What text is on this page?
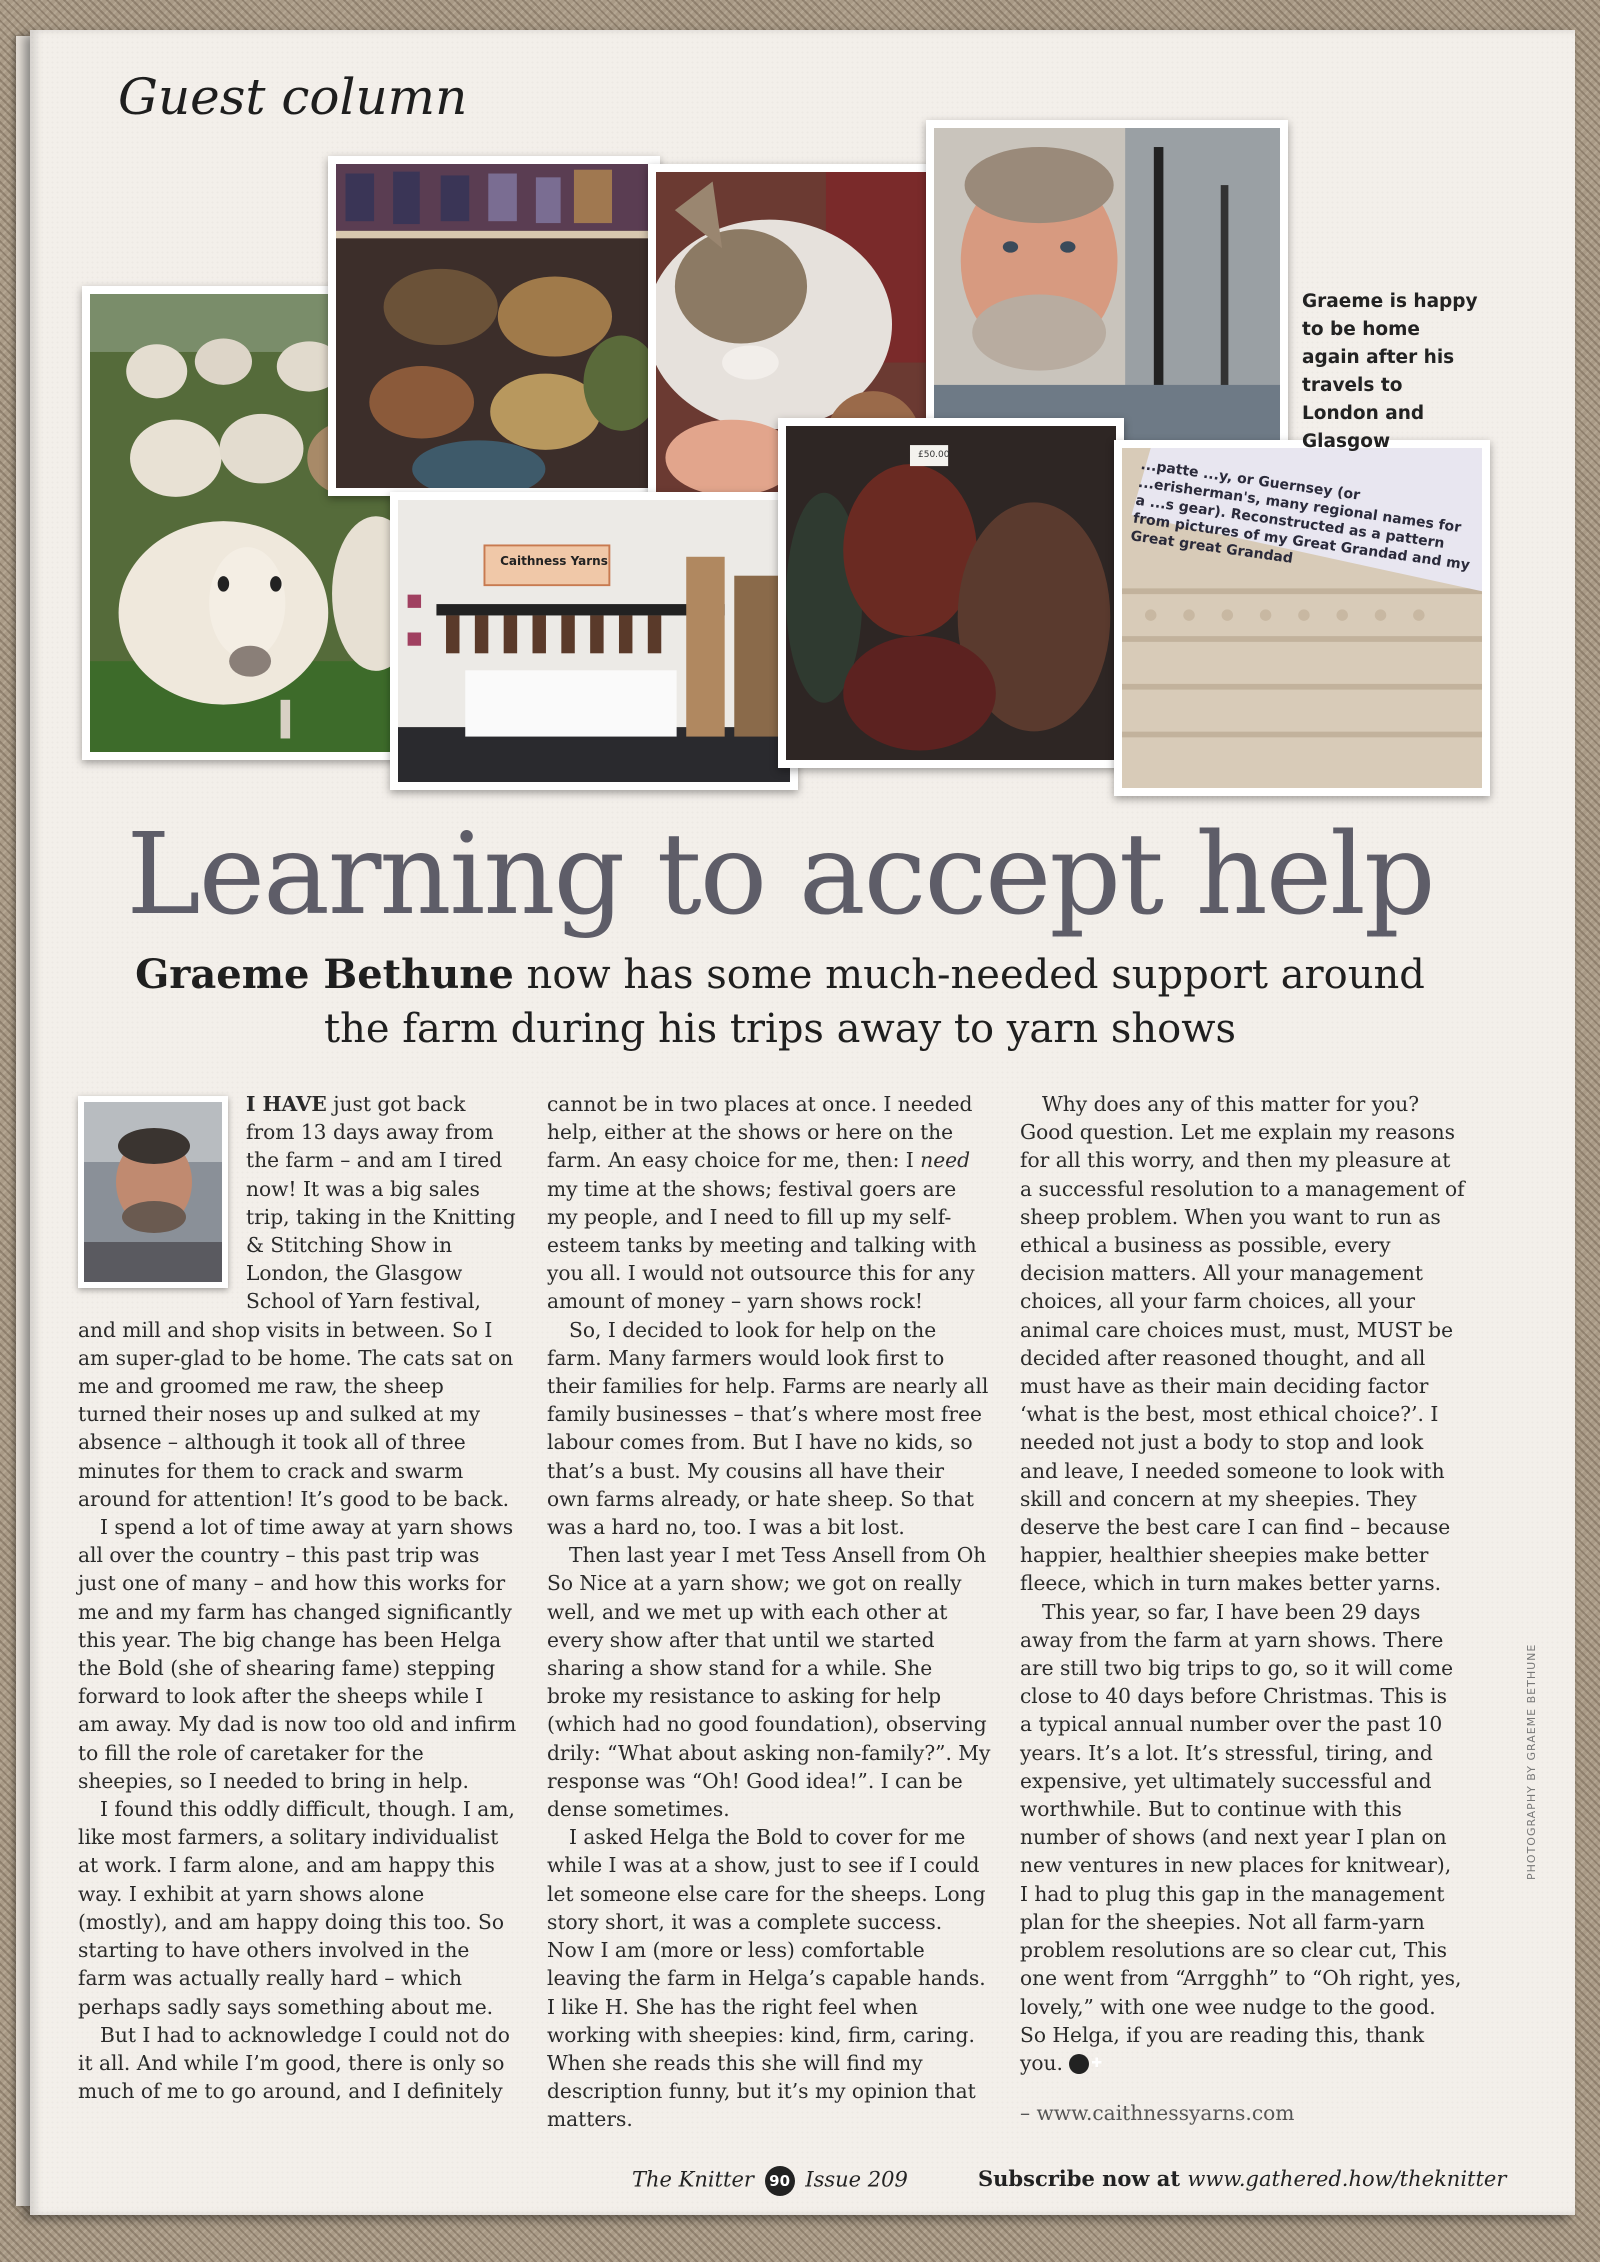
Guest column
Caithness Yarns
£50.00
...patte ...y, or Guernsey (or ...erisherman's, many regional names for a ...s gear). Reconstructed as a pattern from pictures of my Great Grandad and my Great great Grandad
Graeme is happy to be home again after his travels to London and Glasgow
Learning to accept help
Graeme Bethune now has some much-needed support around the farm during his trips away to yarn shows

I HAVE just got back from 13 days away from the farm – and am I tired now! It was a big sales trip, taking in the Knitting & Stitching Show in London, the Glasgow School of Yarn festival, and mill and shop visits in between. So I am super-glad to be home. The cats sat on me and groomed me raw, the sheep turned their noses up and sulked at my absence – although it took all of three minutes for them to crack and swarm around for attention! It’s good to be back.

I spend a lot of time away at yarn shows all over the country – this past trip was just one of many – and how this works for me and my farm has changed significantly this year. The big change has been Helga the Bold (she of shearing fame) stepping forward to look after the sheeps while I am away. My dad is now too old and infirm to fill the role of caretaker for the sheepies, so I needed to bring in help.

I found this oddly difficult, though. I am, like most farmers, a solitary individualist at work. I farm alone, and am happy this way. I exhibit at yarn shows alone (mostly), and am happy doing this too. So starting to have others involved in the farm was actually really hard – which perhaps sadly says something about me.

But I had to acknowledge I could not do it all. And while I’m good, there is only so much of me to go around, and I definitely

cannot be in two places at once. I needed help, either at the shows or here on the farm. An easy choice for me, then: I need my time at the shows; festival goers are my people, and I need to fill up my self-esteem tanks by meeting and talking with you all. I would not outsource this for any amount of money – yarn shows rock!

So, I decided to look for help on the farm. Many farmers would look first to their families for help. Farms are nearly all family businesses – that’s where most free labour comes from. But I have no kids, so that’s a bust. My cousins all have their own farms already, or hate sheep. So that was a hard no, too. I was a bit lost.

Then last year I met Tess Ansell from Oh So Nice at a yarn show; we got on really well, and we met up with each other at every show after that until we started sharing a show stand for a while. She broke my resistance to asking for help (which had no good foundation), observing drily: “What about asking non-family?”. My response was “Oh! Good idea!”. I can be dense sometimes.

I asked Helga the Bold to cover for me while I was at a show, just to see if I could let someone else care for the sheeps. Long story short, it was a complete success. Now I am (more or less) comfortable leaving the farm in Helga’s capable hands. I like H. She has the right feel when working with sheepies: kind, firm, caring. When she reads this she will find my description funny, but it’s my opinion that matters.

Why does any of this matter for you? Good question. Let me explain my reasons for all this worry, and then my pleasure at a successful resolution to a management of sheep problem. When you want to run as ethical a business as possible, every decision matters. All your management choices, all your farm choices, all your animal care choices must, must, MUST be decided after reasoned thought, and all must have as their main deciding factor ‘what is the best, most ethical choice?’. I needed not just a body to stop and look and leave, I needed someone to look with skill and concern at my sheepies. They deserve the best care I can find – because happier, healthier sheepies make better fleece, which in turn makes better yarns.

This year, so far, I have been 29 days away from the farm at yarn shows. There are still two big trips to go, so it will come close to 40 days before Christmas. This is a typical annual number over the past 10 years. It’s a lot. It’s stressful, tiring, and expensive, yet ultimately successful and worthwhile. But to continue with this number of shows (and next year I plan on new ventures in new places for knitwear), I had to plug this gap in the management plan for the sheepies. Not all farm-yarn problem resolutions are so clear cut, This one went from “Arrgghh” to “Oh right, yes, lovely,” with one wee nudge to the good. So Helga, if you are reading this, thank you. ✚

– www.caithnessyarns.com

PHOTOGRAPHY BY GRAEME BETHUNE
The Knitter 90 Issue 209	Subscribe now at www.gathered.how/theknitter
